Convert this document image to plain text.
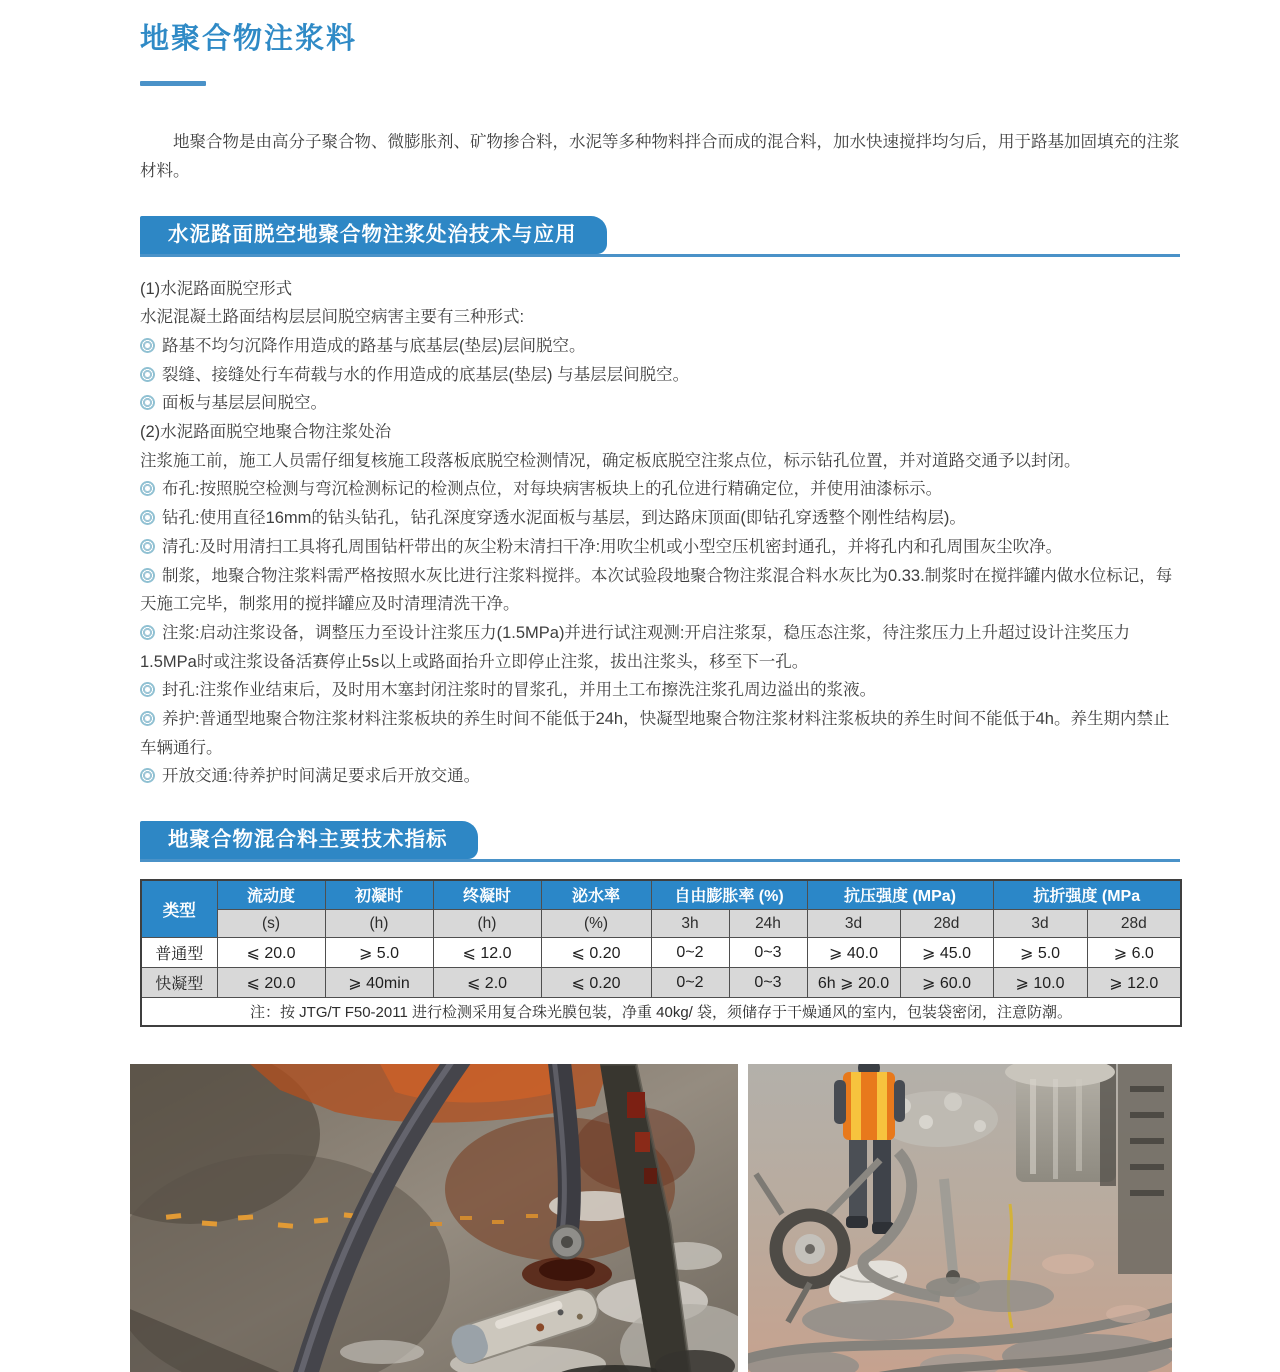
地聚合物注浆料

地聚合物是由高分子聚合物、微膨胀剂、矿物掺合料，水泥等多种物料拌合而成的混合料，加水快速搅拌均匀后，用于路基加固填充的注浆材料。

水泥路面脱空地聚合物注浆处治技术与应用

(1)水泥路面脱空形式

水泥混凝土路面结构层层间脱空病害主要有三种形式:

路基不均匀沉降作用造成的路基与底基层(垫层)层间脱空。

裂缝、接缝处行车荷载与水的作用造成的底基层(垫层) 与基层层间脱空。

面板与基层层间脱空。

(2)水泥路面脱空地聚合物注浆处治

注浆施工前，施工人员需仔细复核施工段落板底脱空检测情况，确定板底脱空注浆点位，标示钻孔位置，并对道路交通予以封闭。

布孔:按照脱空检测与弯沉检测标记的检测点位，对每块病害板块上的孔位进行精确定位，并使用油漆标示。

钻孔:使用直径16mm的钻头钻孔，钻孔深度穿透水泥面板与基层，到达路床顶面(即钻孔穿透整个刚性结构层)。

清孔:及时用清扫工具将孔周围钻杆带出的灰尘粉末清扫干净:用吹尘机或小型空压机密封通孔，并将孔内和孔周围灰尘吹净。

制浆，地聚合物注浆料需严格按照水灰比进行注浆料搅拌。本次试验段地聚合物注浆混合料水灰比为0.33.制浆时在搅拌罐内做水位标记，每天施工完毕，制浆用的搅拌罐应及时清理清洗干净。

注浆:启动注浆设备，调整压力至设计注浆压力(1.5MPa)并进行试注观测:开启注浆泵，稳压态注浆，待注浆压力上升超过设计注奖压力1.5MPa时或注浆设备活赛停止5s以上或路面抬升立即停止注浆，拔出注浆头，移至下一孔。

封孔:注浆作业结束后，及时用木塞封闭注浆时的冒浆孔，并用土工布擦洗注浆孔周边溢出的浆液。

养护:普通型地聚合物注浆材料注浆板块的养生时间不能低于24h，快凝型地聚合物注浆材料注浆板块的养生时间不能低于4h。养生期内禁止车辆通行。

开放交通:待养护时间满足要求后开放交通。

地聚合物混合料主要技术指标
类型	流动度	初凝时	终凝时	泌水率	自由膨胀率 (%)		抗压强度 (MPa)		抗折强度 (MPa	
	(s)	(h)	(h)	(%)	3h	24h	3d	28d	3d	28d
普通型	⩽ 20.0	⩾ 5.0	⩽ 12.0	⩽ 0.20	0~2	0~3	⩾ 40.0	⩾ 45.0	⩾ 5.0	⩾ 6.0
快凝型	⩽ 20.0	⩾ 40min	⩽ 2.0	⩽ 0.20	0~2	0~3	6h ⩾ 20.0	⩾ 60.0	⩾ 10.0	⩾ 12.0
注：按 JTG/T F50-2011 进行检测采用复合珠光膜包装，净重 40kg/ 袋，须储存于干燥通风的室内，包装袋密闭，注意防潮。										
